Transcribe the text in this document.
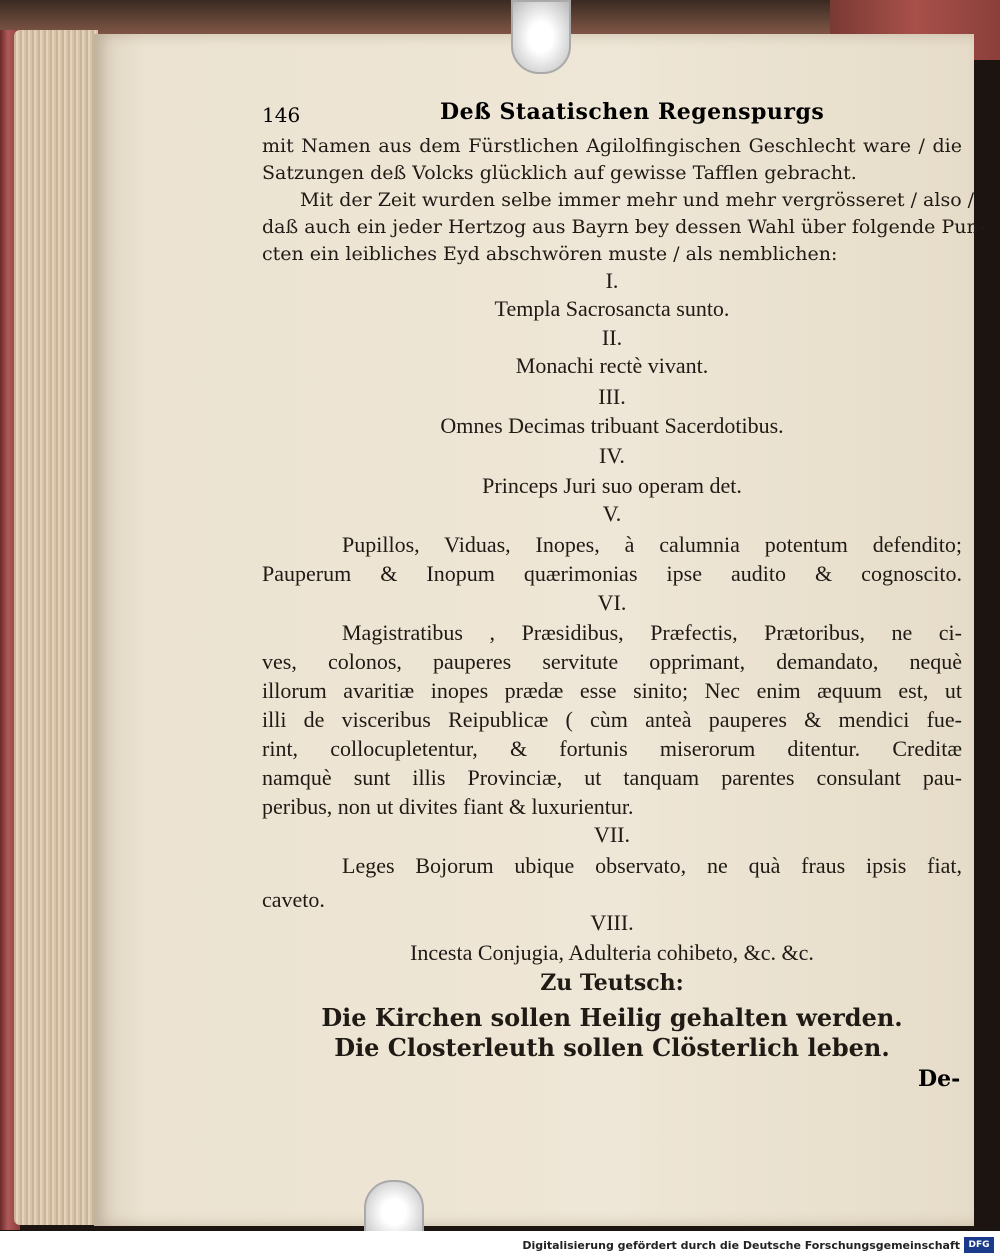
146	Deß Staatischen Regenspurgs
mit Namen aus dem Fürstlichen Agilolfingischen Geschlecht ware / die
Satzungen deß Volcks glücklich auf gewisse Tafflen gebracht.
Mit der Zeit wurden selbe immer mehr und mehr vergrösseret / also /
daß auch ein jeder Hertzog aus Bayrn bey dessen Wahl über folgende Pun-
cten ein leibliches Eyd abschwören muste / als nemblichen:
I.
Templa Sacrosancta sunto.
II.
Monachi rectè vivant.
III.
Omnes Decimas tribuant Sacerdotibus.
IV.
Princeps Juri suo operam det.
V.
Pupillos, Viduas, Inopes, à calumnia potentum defendito;
Pauperum & Inopum quærimonias ipse audito & cognoscito.
VI.
Magistratibus , Præsidibus, Præfectis, Prætoribus, ne ci-
ves, colonos, pauperes servitute opprimant, demandato, nequè
illorum avaritiæ inopes prædæ esse sinito; Nec enim æquum est, ut
illi de visceribus Reipublicæ ( cùm anteà pauperes & mendici fue-
rint, collocupletentur, & fortunis miserorum ditentur. Creditæ
namquè sunt illis Provinciæ, ut tanquam parentes consulant pau-
peribus, non ut divites fiant & luxurientur.
VII.
Leges Bojorum ubique observato, ne quà fraus ipsis fiat,
caveto.
VIII.
Incesta Conjugia, Adulteria cohibeto, &c. &c.
Zu Teutsch:
Die Kirchen sollen Heilig gehalten werden.
Die Closterleuth sollen Clösterlich leben.
De-
Digitalisierung gefördert durch die Deutsche Forschungsgemeinschaft DFG
